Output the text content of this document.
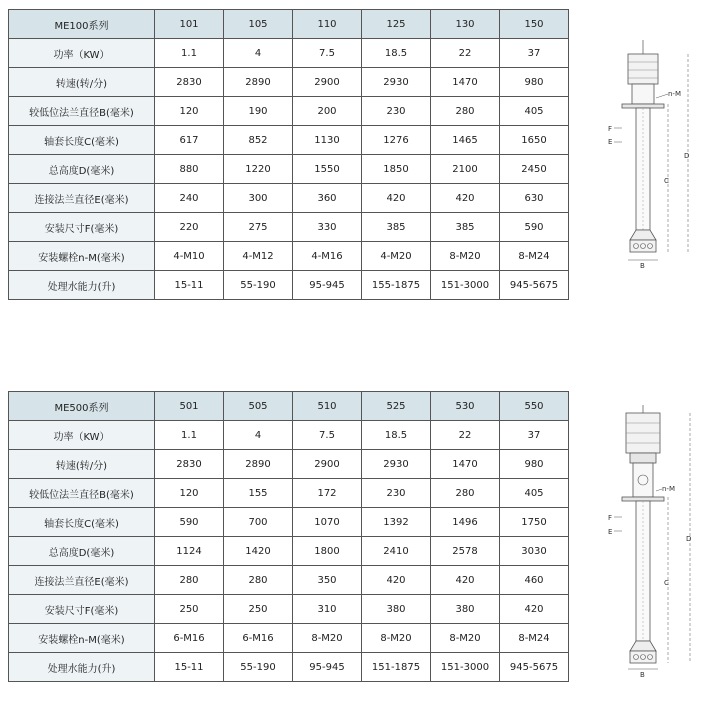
ME100系列	101	105	110	125	130	150
功率（KW）	1.1	4	7.5	18.5	22	37
转速(转/分)	2830	2890	2900	2930	1470	980
较低位法兰直径B(毫米)	120	190	200	230	280	405
轴套长度C(毫米)	617	852	1130	1276	1465	1650
总高度D(毫米)	880	1220	1550	1850	2100	2450
连接法兰直径E(毫米)	240	300	360	420	420	630
安装尺寸F(毫米)	220	275	330	385	385	590
安装螺栓n-M(毫米)	4-M10	4-M12	4-M16	4-M20	8-M20	8-M24
处理水能力(升)	15-11	55-190	95-945	155-1875	151-3000	945-5675
ME500系列	501	505	510	525	530	550
功率（KW）	1.1	4	7.5	18.5	22	37
转速(转/分)	2830	2890	2900	2930	1470	980
较低位法兰直径B(毫米)	120	155	172	230	280	405
轴套长度C(毫米)	590	700	1070	1392	1496	1750
总高度D(毫米)	1124	1420	1800	2410	2578	3030
连接法兰直径E(毫米)	280	280	350	420	420	460
安装尺寸F(毫米)	250	250	310	380	380	420
安装螺栓n-M(毫米)	6-M16	6-M16	8-M20	8-M20	8-M20	8-M24
处理水能力(升)	15-11	55-190	95-945	151-1875	151-3000	945-5675
n-M
F
E
C
D
B
n-M
F
E
C
D
B
